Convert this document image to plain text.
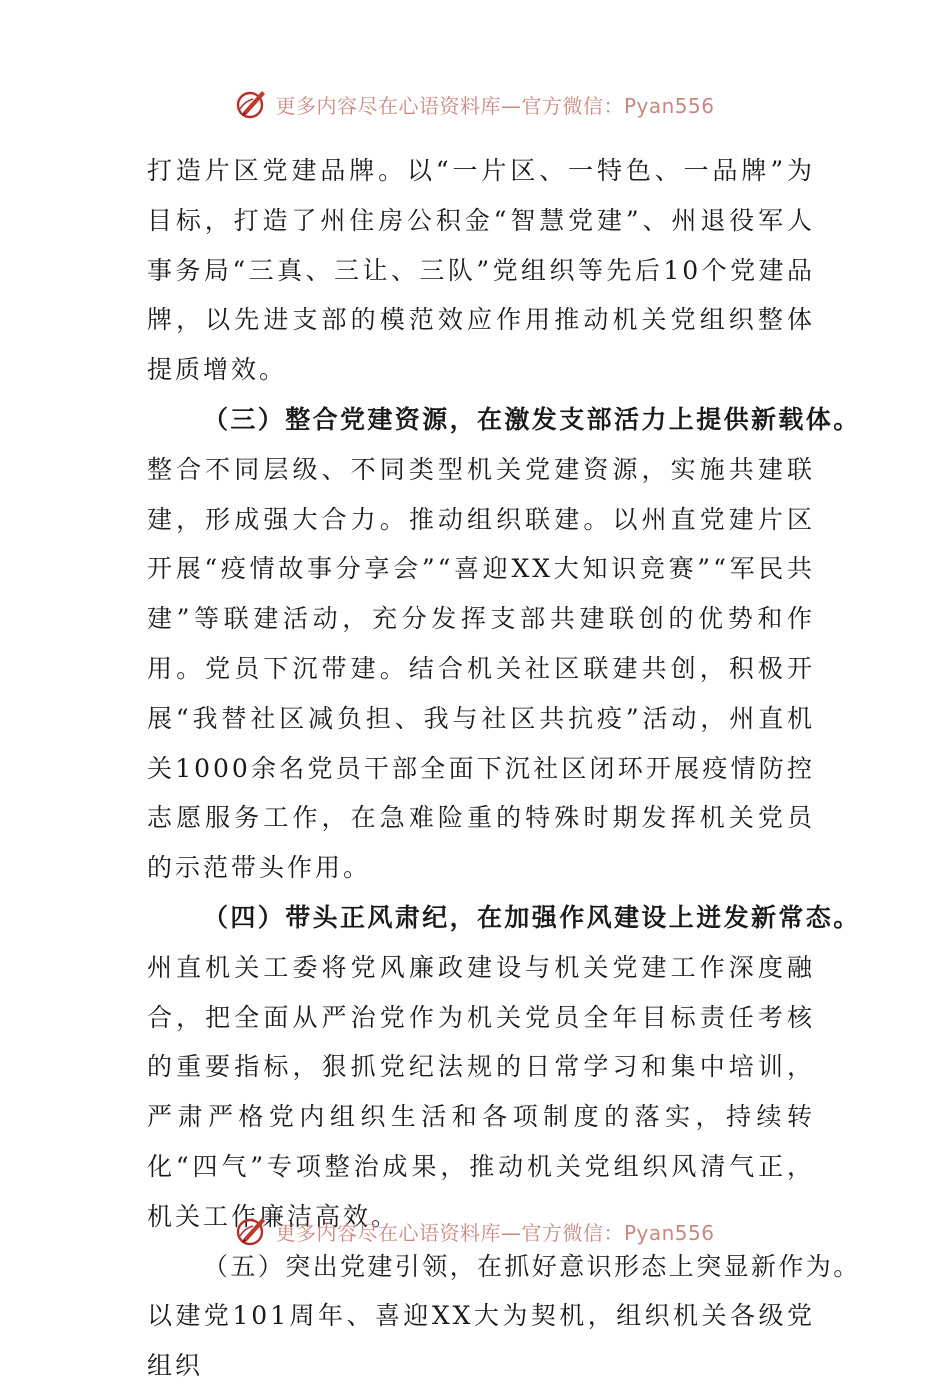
更多内容尽在心语资料库—官方微信：Pyan556

打造片区党建品牌。以“一片区、一特色、一品牌”为目标，打造了州住房公积金“智慧党建”、州退役军人事务局“三真、三让、三队”党组织等先后10个党建品牌，以先进支部的模范效应作用推动机关党组织整体提质增效。

（三）整合党建资源，在激发支部活力上提供新载体。

整合不同层级、不同类型机关党建资源，实施共建联建，形成强大合力。推动组织联建。以州直党建片区开展“疫情故事分享会”“喜迎XX大知识竞赛”“军民共建”等联建活动，充分发挥支部共建联创的优势和作用。党员下沉带建。结合机关社区联建共创，积极开展“我替社区减负担、我与社区共抗疫”活动，州直机关1000余名党员干部全面下沉社区闭环开展疫情防控志愿服务工作，在急难险重的特殊时期发挥机关党员的示范带头作用。

（四）带头正风肃纪，在加强作风建设上迸发新常态。

州直机关工委将党风廉政建设与机关党建工作深度融合，把全面从严治党作为机关党员全年目标责任考核的重要指标，狠抓党纪法规的日常学习和集中培训，严肃严格党内组织生活和各项制度的落实，持续转化“四气”专项整治成果，推动机关党组织风清气正，机关工作廉洁高效。

（五）突出党建引领，在抓好意识形态上突显新作为。

以建党101周年、喜迎XX大为契机，组织机关各级党组织

更多内容尽在心语资料库—官方微信：Pyan556
